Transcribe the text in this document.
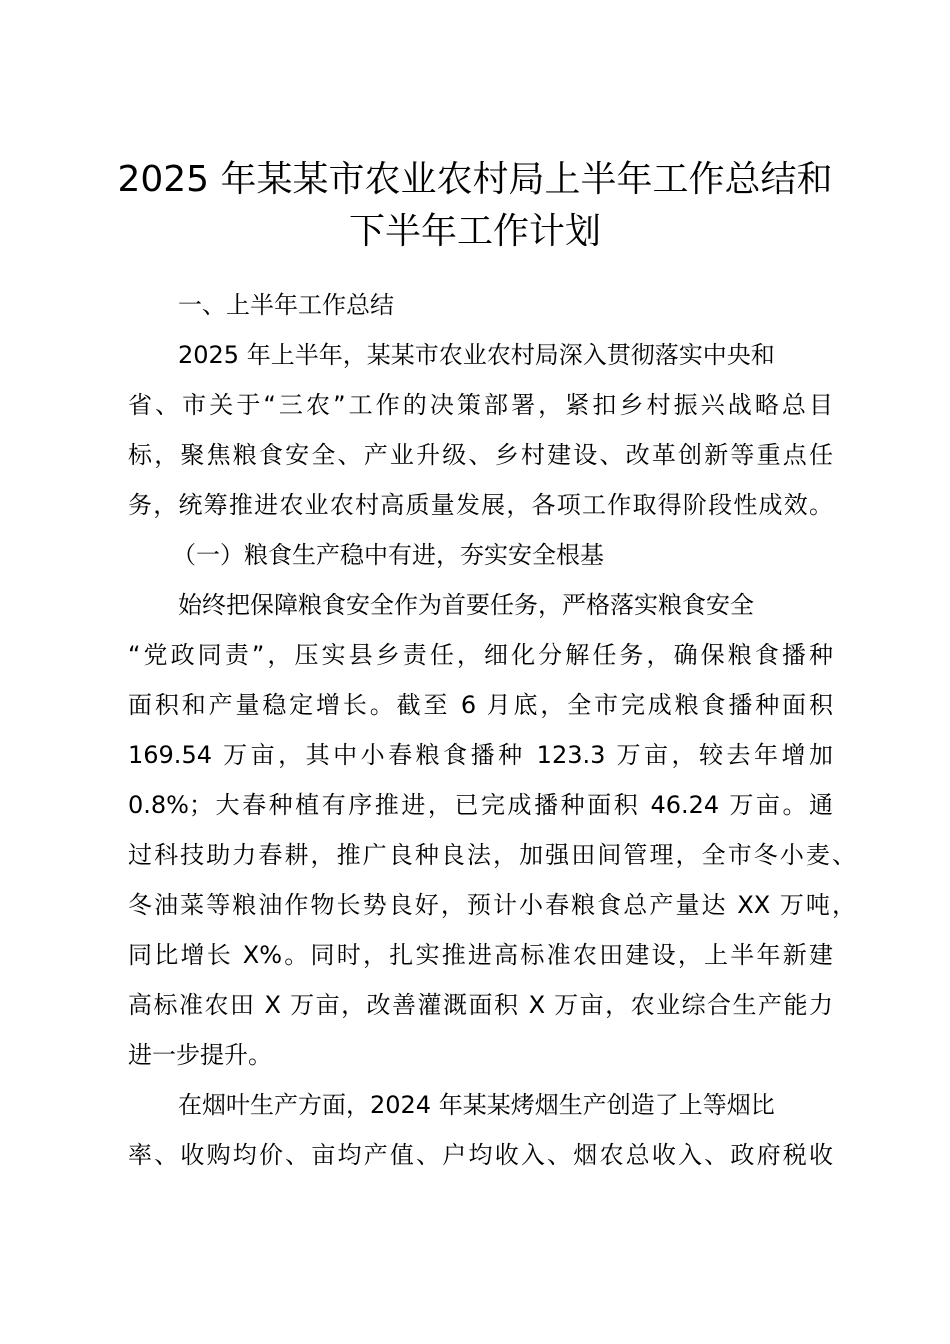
2025 年某某市农业农村局上半年工作总结和
下半年工作计划
一、上半年工作总结
2025 年上半年，某某市农业农村局深入贯彻落实中央和
省、市关于“三农”工作的决策部署，紧扣乡村振兴战略总目
标，聚焦粮食安全、产业升级、乡村建设、改革创新等重点任
务，统筹推进农业农村高质量发展，各项工作取得阶段性成效。
（一）粮食生产稳中有进，夯实安全根基
始终把保障粮食安全作为首要任务，严格落实粮食安全
“党政同责”，压实县乡责任，细化分解任务，确保粮食播种
面积和产量稳定增长。截至 6 月底，全市完成粮食播种面积
169.54 万亩，其中小春粮食播种 123.3 万亩，较去年增加
0.8%；大春种植有序推进，已完成播种面积 46.24 万亩。通
过科技助力春耕，推广良种良法，加强田间管理，全市冬小麦、
冬油菜等粮油作物长势良好，预计小春粮食总产量达 XX 万吨，
同比增长 X%。同时，扎实推进高标准农田建设，上半年新建
高标准农田 X 万亩，改善灌溉面积 X 万亩，农业综合生产能力
进一步提升。
在烟叶生产方面，2024 年某某烤烟生产创造了上等烟比
率、收购均价、亩均产值、户均收入、烟农总收入、政府税收
